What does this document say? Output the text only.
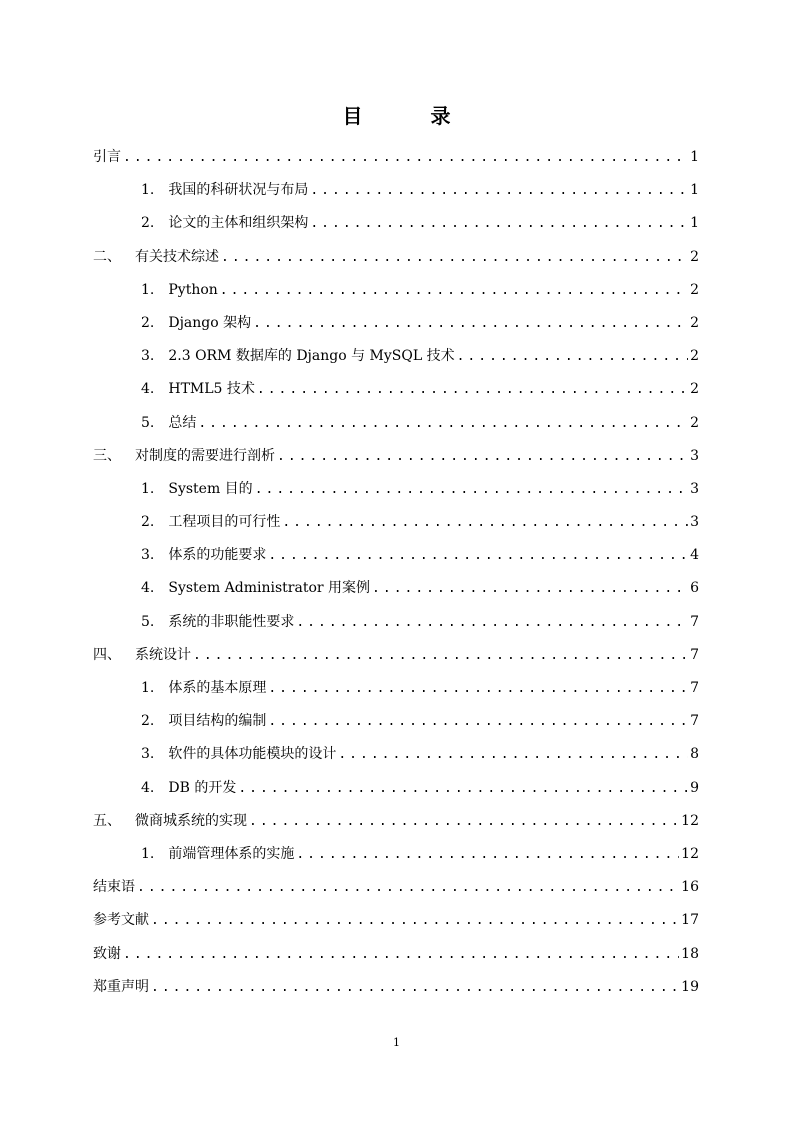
目　录
引言 .....	1
1. 我国的科研状况与布局 .....	1
2. 论文的主体和组织架构 .....	1
二、 有关技术综述 .....	2
1. Python .....	2
2. Django 架构 .....	2
3. 2.3 ORM 数据库的 Django 与 MySQL 技术 .....	2
4. HTML5 技术 .....	2
5. 总结 .....	2
三、 对制度的需要进行剖析 .....	3
1. System 目的 .....	3
2. 工程项目的可行性 .....	3
3. 体系的功能要求 .....	4
4. System Administrator 用案例 .....	6
5. 系统的非职能性要求 .....	7
四、 系统设计 .....	7
1. 体系的基本原理 .....	7
2. 项目结构的编制 .....	7
3. 软件的具体功能模块的设计 .....	8
4. DB 的开发 .....	9
五、 微商城系统的实现 .....	12
1. 前端管理体系的实施 .....	12
结束语 .....	16
参考文献 .....	17
致谢 .....	18
郑重声明 .....	19
1
